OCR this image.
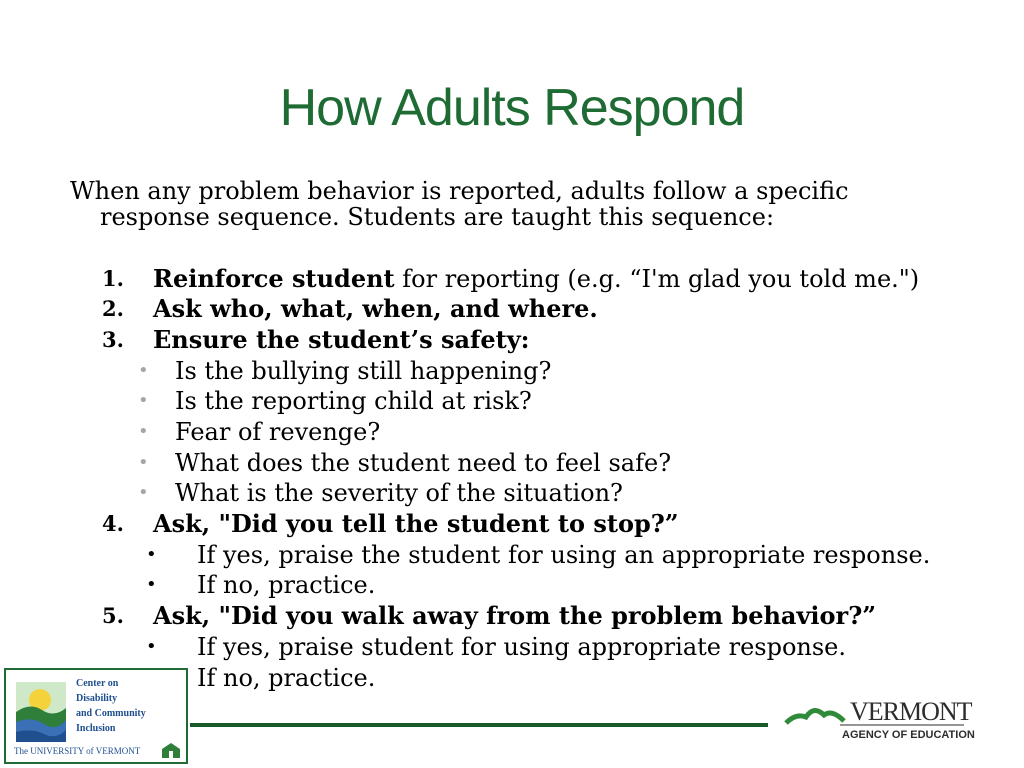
How Adults Respond
When any problem behavior is reported, adults follow a specific
response sequence. Students are taught this sequence:
1. Reinforce student for reporting (e.g. “I'm glad you told me.")
2. Ask who, what, when, and where.
3. Ensure the student’s safety:
• Is the bullying still happening?
• Is the reporting child at risk?
• Fear of revenge?
• What does the student need to feel safe?
• What is the severity of the situation?
4. Ask, "Did you tell the student to stop?”
• If yes, praise the student for using an appropriate response.
• If no, practice.
5. Ask, "Did you walk away from the problem behavior?”
• If yes, praise student for using appropriate response.
If no, practice.
Center on
Disability
and Community
Inclusion
The UNIVERSITY of VERMONT
VERMONT
AGENCY OF EDUCATION
